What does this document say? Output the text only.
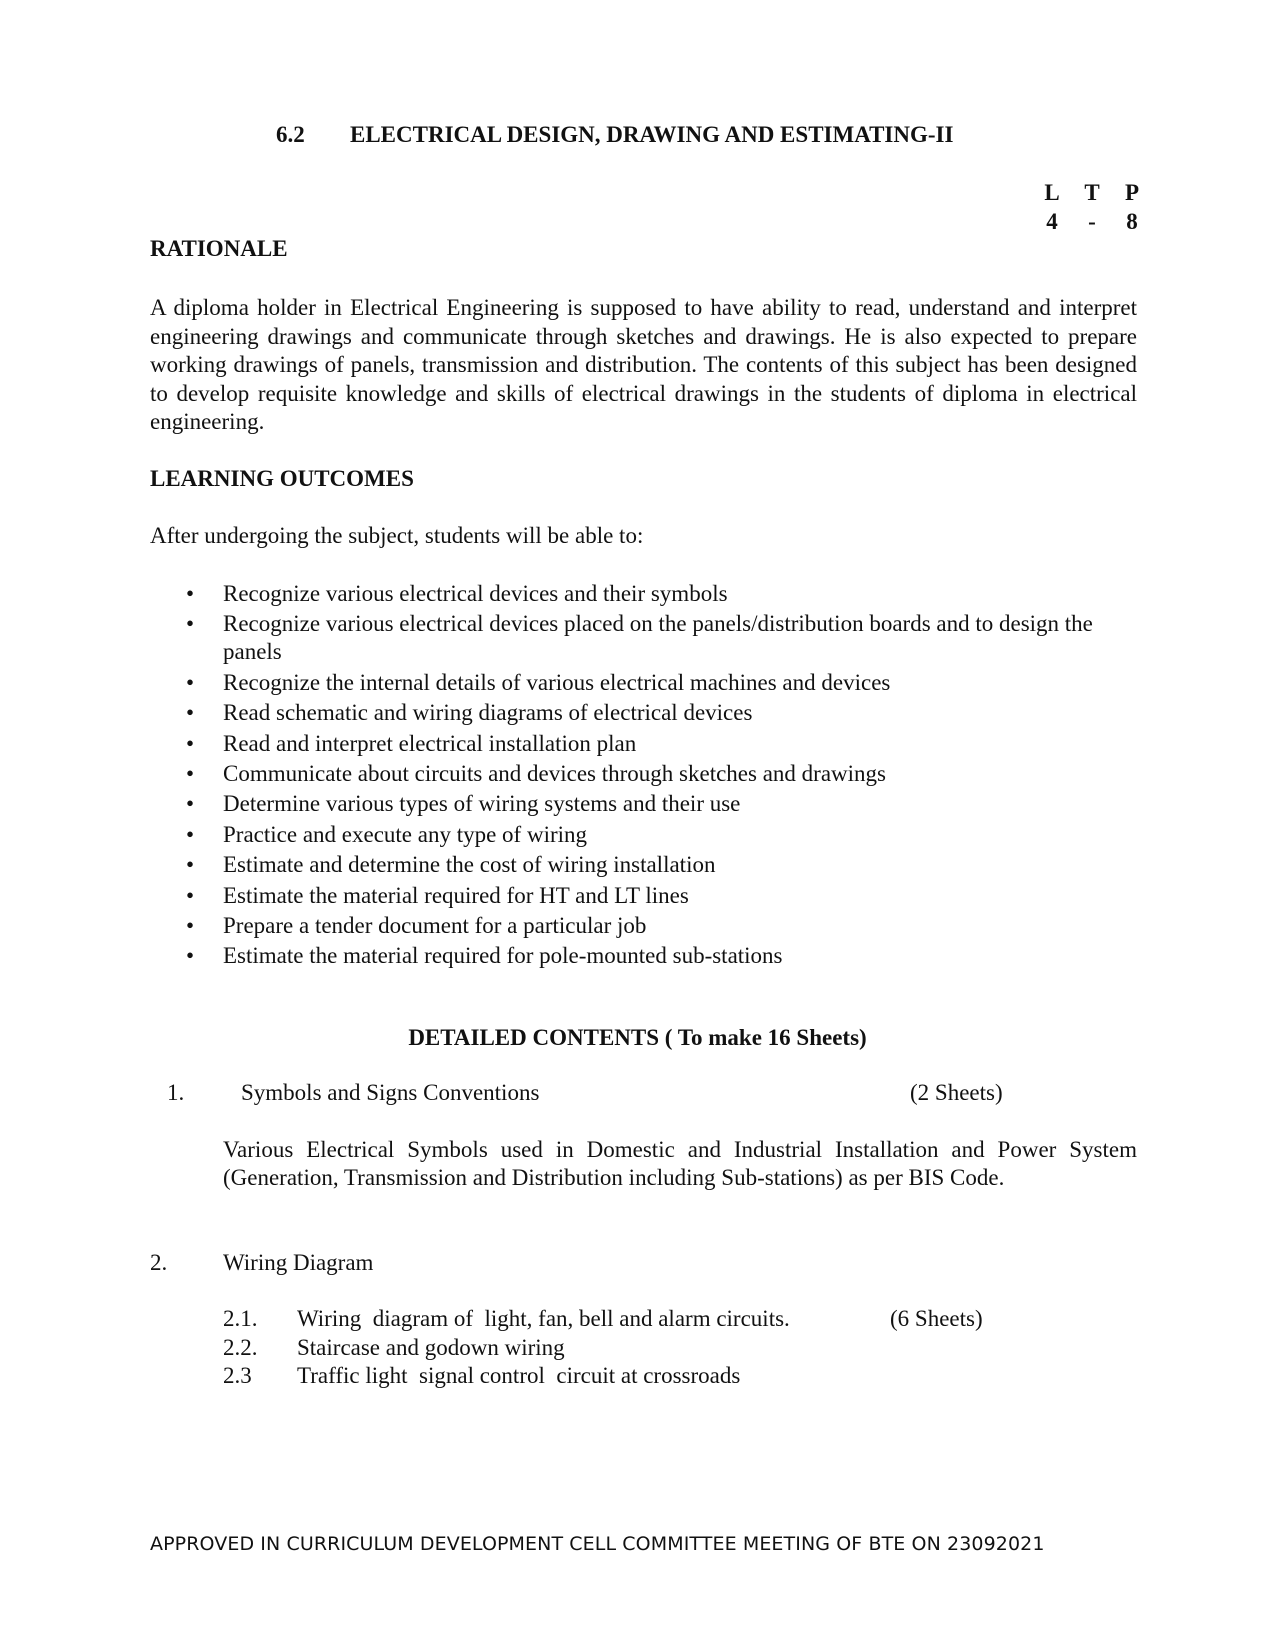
6.2 ELECTRICAL DESIGN, DRAWING AND ESTIMATING-II
L T P
4	-	8
RATIONALE
A diploma holder in Electrical Engineering is supposed to have ability to read, understand and interpret engineering drawings and communicate through sketches and drawings. He is also expected to prepare working drawings of panels, transmission and distribution. The contents of this subject has been designed to develop requisite knowledge and skills of electrical drawings in the students of diploma in electrical engineering.
LEARNING OUTCOMES
After undergoing the subject, students will be able to:
• Recognize various electrical devices and their symbols
• Recognize various electrical devices placed on the panels/distribution boards and to design the panels
• Recognize the internal details of various electrical machines and devices
• Read schematic and wiring diagrams of electrical devices
• Read and interpret electrical installation plan
• Communicate about circuits and devices through sketches and drawings
• Determine various types of wiring systems and their use
• Practice and execute any type of wiring
• Estimate and determine the cost of wiring installation
• Estimate the material required for HT and LT lines
• Prepare a tender document for a particular job
• Estimate the material required for pole-mounted sub-stations
DETAILED CONTENTS ( To make 16 Sheets)
1. Symbols and Signs Conventions	(2 Sheets)
Various Electrical Symbols used in Domestic and Industrial Installation and Power System (Generation, Transmission and Distribution including Sub-stations) as per BIS Code.
2. Wiring Diagram
2.1. Wiring  diagram of  light, fan, bell and alarm circuits.	(6 Sheets)
2.2. Staircase and godown wiring
2.3 Traffic light  signal control  circuit at crossroads
APPROVED IN CURRICULUM DEVELOPMENT CELL COMMITTEE MEETING OF BTE ON 23092021
